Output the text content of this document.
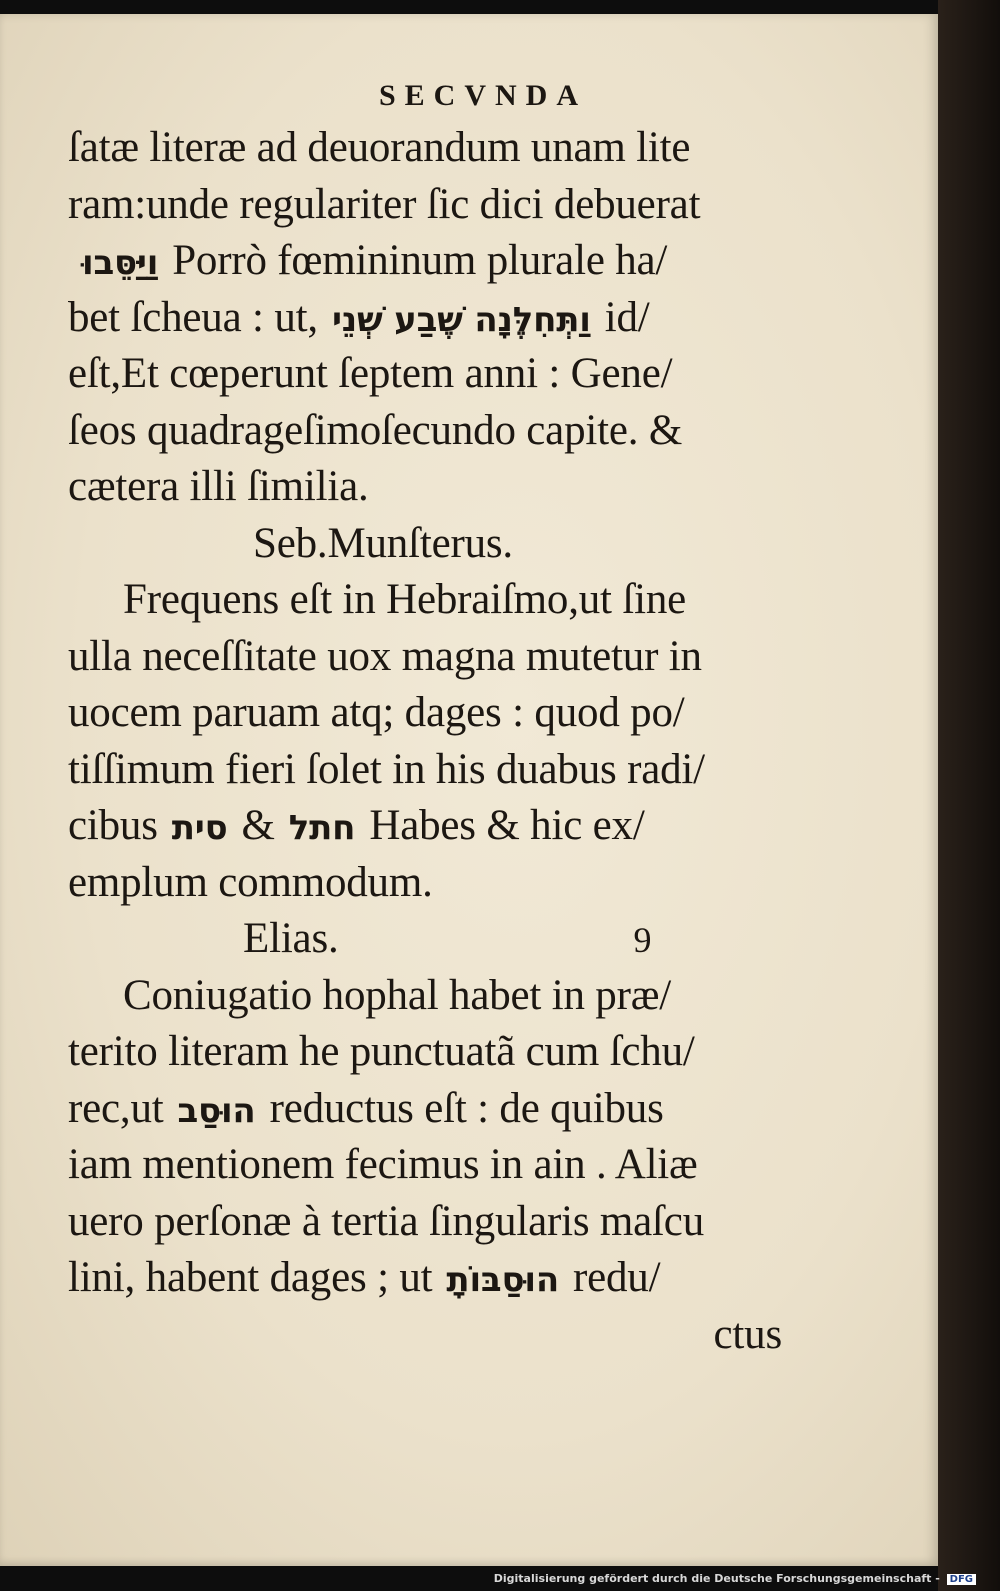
SECVNDA
ſatæ literæ ad deuorandum unam lite
ram:unde regulariter ſic dici debuerat
וַיַּסֵּבוּ Porrò fœmininum plurale ha/
bet ſcheua : ut, וַתְּחִלֶּנָה שֶׁבַע שְׁנֵי id/
eſt,Et cœperunt ſeptem anni : Gene/
ſeos quadrageſimoſecundo capite. &
cætera illi ſimilia.
Seb.Munſterus.
Frequens eſt in Hebraiſmo,ut ſine
ulla neceſſitate uox magna mutetur in
uocem paruam atq; dages : quod po/
tiſſimum fieri ſolet in his duabus radi/
cibus סית & חתל Habes & hic ex/
emplum commodum.
Elias.	9
Coniugatio hophal habet in præ/
terito literam he punctuatã cum ſchu/
rec,ut הוּסַב reductus eſt : de quibus
iam mentionem fecimus in ain . Aliæ
uero perſonæ à tertia ſingularis maſcu
lini, habent dages ; ut הוּסַבּוֹתָ redu/
ctus
Digitalisierung gefördert durch die Deutsche Forschungsgemeinschaft - DFG
